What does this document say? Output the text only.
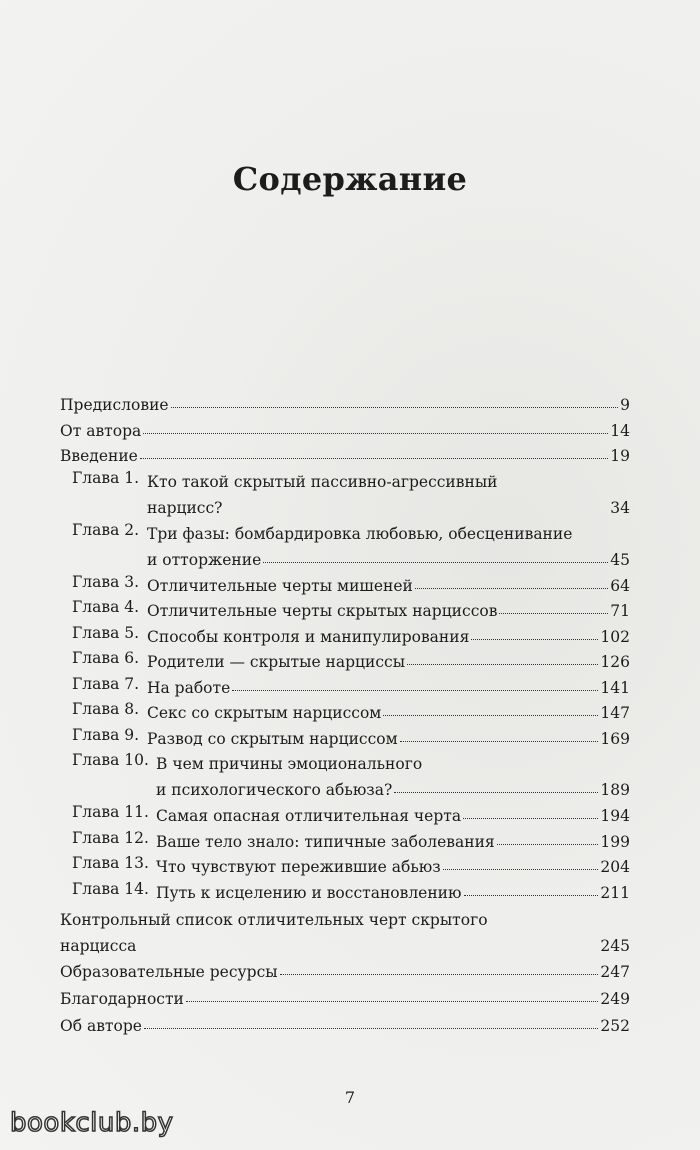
Содержание
Предисловие	9
От автора	14
Введение	19
Глава 1. Кто такой скрытый пассивно-агрессивный
нарцисс?	34
Глава 2. Три фазы: бомбардировка любовью, обесценивание
и отторжение	45
Глава 3. Отличительные черты мишеней	64
Глава 4. Отличительные черты скрытых нарциссов	71
Глава 5. Способы контроля и манипулирования	102
Глава 6. Родители — скрытые нарциссы	126
Глава 7. На работе	141
Глава 8. Секс со скрытым нарциссом	147
Глава 9. Развод со скрытым нарциссом	169
Глава 10. В чем причины эмоционального
и психологического абьюза?	189
Глава 11. Самая опасная отличительная черта	194
Глава 12. Ваше тело знало: типичные заболевания	199
Глава 13. Что чувствуют пережившие абьюз	204
Глава 14. Путь к исцелению и восстановлению	211
Контрольный список отличительных черт скрытого
нарцисса	245
Образовательные ресурсы	247
Благодарности	249
Об авторе	252
7
bookclub.by
